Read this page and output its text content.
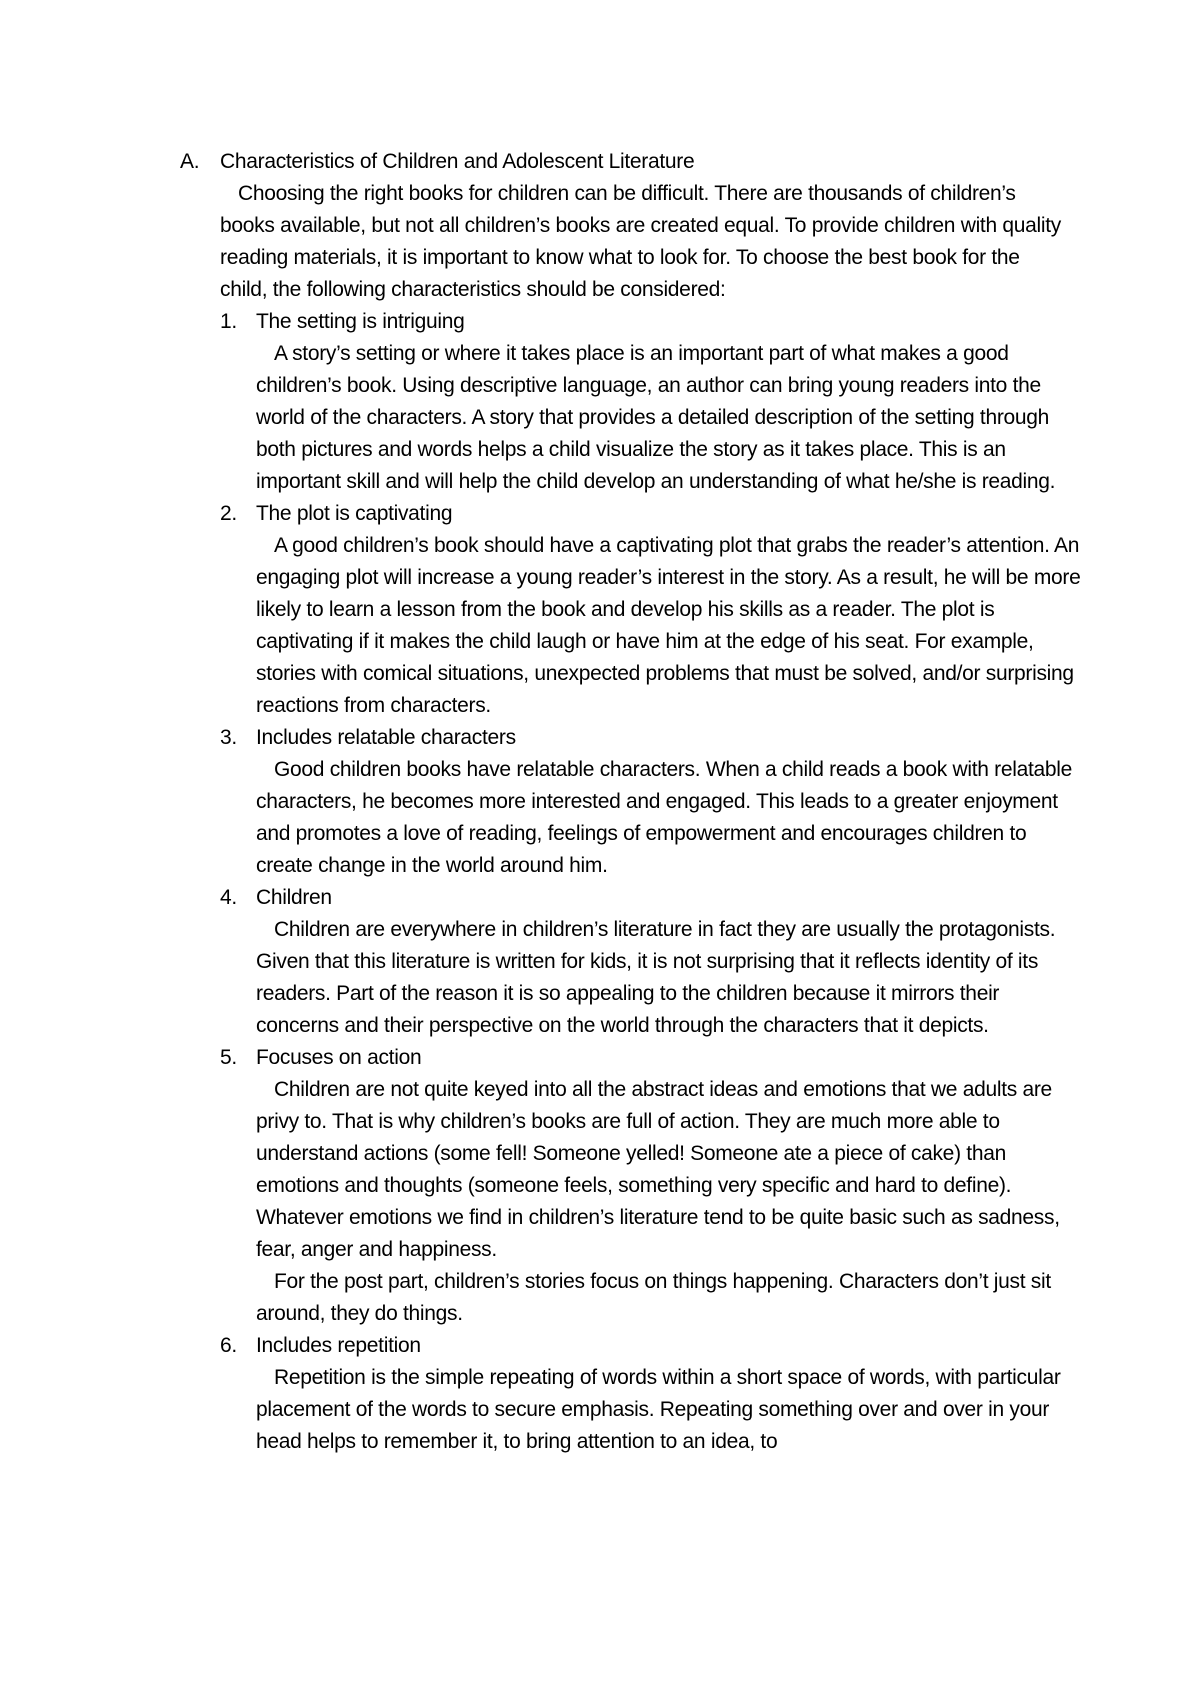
A. Characteristics of Children and Adolescent Literature

Choosing the right books for children can be difficult. There are thousands of children’s books available, but not all children’s books are created equal. To provide children with quality reading materials, it is important to know what to look for. To choose the best book for the child, the following characteristics should be considered:

1. The setting is intriguing

A story’s setting or where it takes place is an important part of what makes a good children’s book. Using descriptive language, an author can bring young readers into the world of the characters. A story that provides a detailed description of the setting through both pictures and words helps a child visualize the story as it takes place. This is an important skill and will help the child develop an understanding of what he/she is reading.

2. The plot is captivating

A good children’s book should have a captivating plot that grabs the reader’s attention. An engaging plot will increase a young reader’s interest in the story. As a result, he will be more likely to learn a lesson from the book and develop his skills as a reader. The plot is captivating if it makes the child laugh or have him at the edge of his seat. For example, stories with comical situations, unexpected problems that must be solved, and/or surprising reactions from characters.

3. Includes relatable characters

Good children books have relatable characters. When a child reads a book with relatable characters, he becomes more interested and engaged. This leads to a greater enjoyment and promotes a love of reading, feelings of empowerment and encourages children to create change in the world around him.

4. Children

Children are everywhere in children’s literature in fact they are usually the protagonists. Given that this literature is written for kids, it is not surprising that it reflects identity of its readers. Part of the reason it is so appealing to the children because it mirrors their concerns and their perspective on the world through the characters that it depicts.

5. Focuses on action

Children are not quite keyed into all the abstract ideas and emotions that we adults are privy to. That is why children’s books are full of action. They are much more able to understand actions (some fell! Someone yelled! Someone ate a piece of cake) than emotions and thoughts (someone feels, something very specific and hard to define). Whatever emotions we find in children’s literature tend to be quite basic such as sadness, fear, anger and happiness.

For the post part, children’s stories focus on things happening. Characters don’t just sit around, they do things.

6. Includes repetition

Repetition is the simple repeating of words within a short space of words, with particular placement of the words to secure emphasis. Repeating something over and over in your head helps to remember it, to bring attention to an idea, to
